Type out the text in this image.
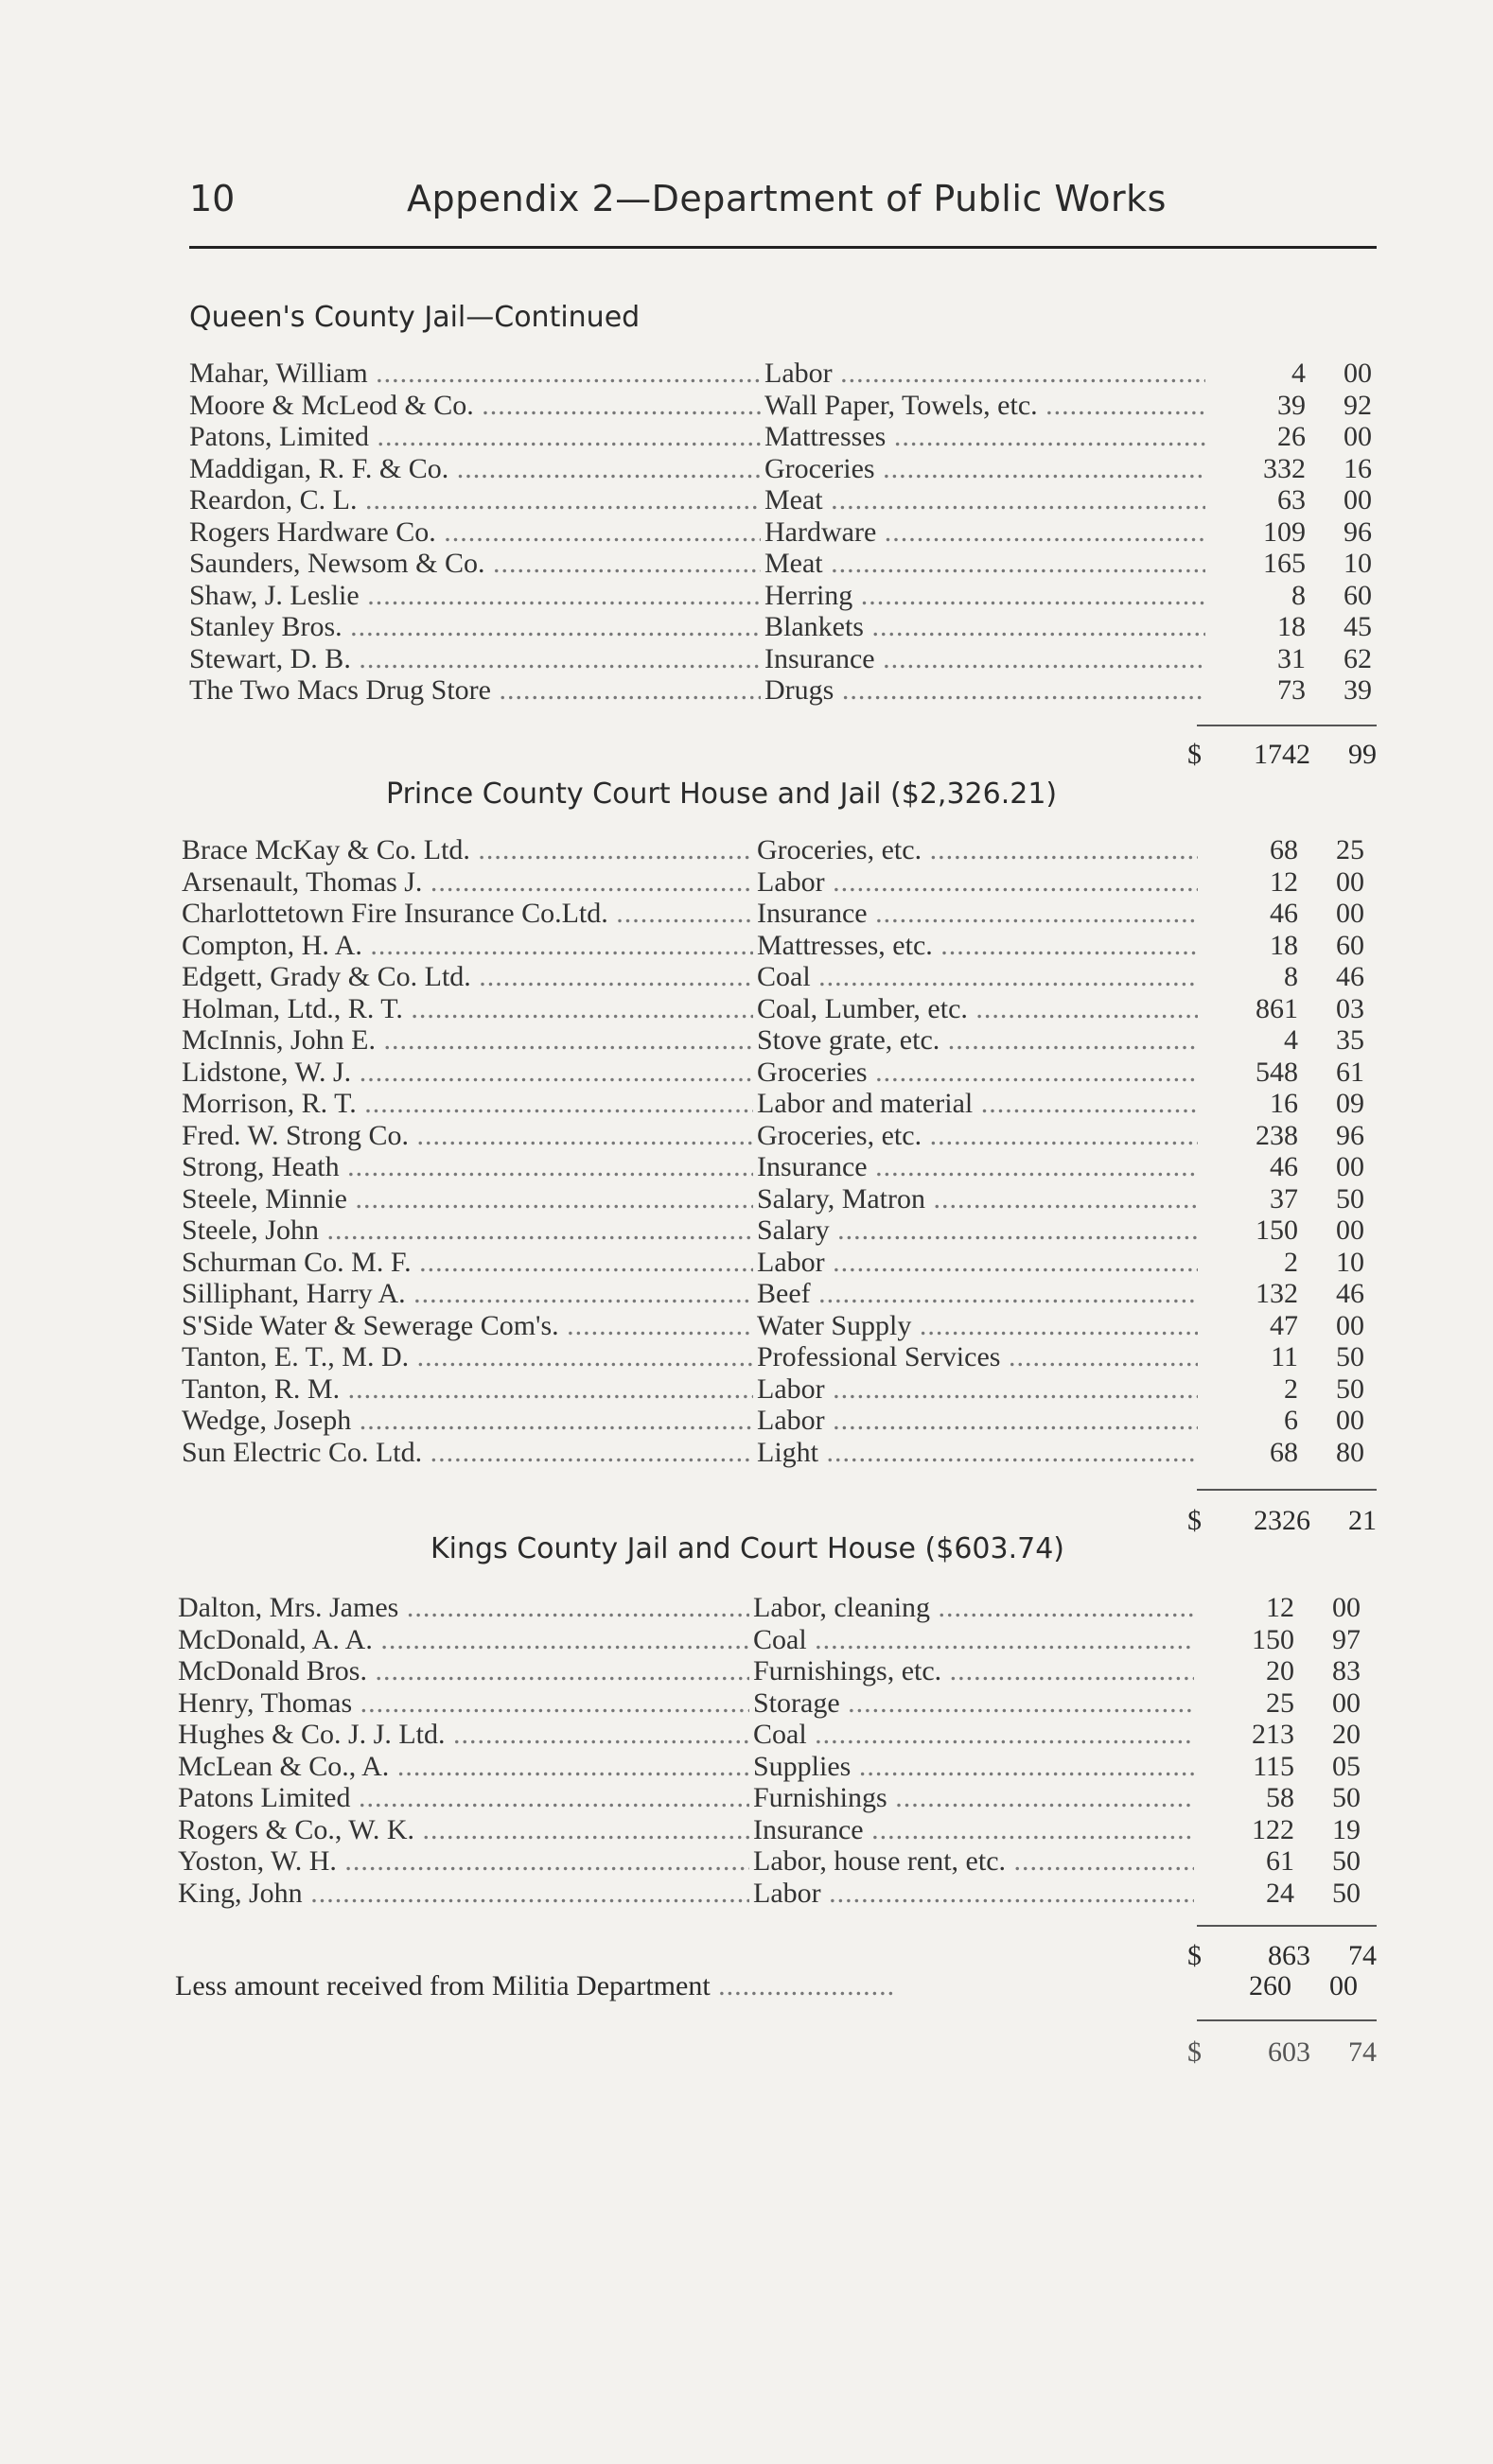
10	Appendix 2—Department of Public Works
Queen's County Jail—Continued
Mahar, William .....	Labor .....	4	00
Moore & McLeod & Co. .....	Wall Paper, Towels, etc. .....	39	92
Patons, Limited .....	Mattresses .....	26	00
Maddigan, R. F. & Co. .....	Groceries .....	332	16
Reardon, C. L. .....	Meat .....	63	00
Rogers Hardware Co. .....	Hardware .....	109	96
Saunders, Newsom & Co. .....	Meat .....	165	10
Shaw, J. Leslie .....	Herring .....	8	60
Stanley Bros. .....	Blankets .....	18	45
Stewart, D. B. .....	Insurance .....	31	62
The Two Macs Drug Store .....	Drugs .....	73	39
$	1742	99
Prince County Court House and Jail ($2,326.21)
Brace McKay & Co. Ltd. .....	Groceries, etc. .....	68	25
Arsenault, Thomas J. .....	Labor .....	12	00
Charlottetown Fire Insurance Co.Ltd. .....	Insurance .....	46	00
Compton, H. A. .....	Mattresses, etc. .....	18	60
Edgett, Grady & Co. Ltd. .....	Coal .....	8	46
Holman, Ltd., R. T. .....	Coal, Lumber, etc. .....	861	03
McInnis, John E. .....	Stove grate, etc. .....	4	35
Lidstone, W. J. .....	Groceries .....	548	61
Morrison, R. T. .....	Labor and material .....	16	09
Fred. W. Strong Co. .....	Groceries, etc. .....	238	96
Strong, Heath .....	Insurance .....	46	00
Steele, Minnie .....	Salary, Matron .....	37	50
Steele, John .....	Salary .....	150	00
Schurman Co. M. F. .....	Labor .....	2	10
Silliphant, Harry A. .....	Beef .....	132	46
S'Side Water & Sewerage Com's. .....	Water Supply .....	47	00
Tanton, E. T., M. D. .....	Professional Services .....	11	50
Tanton, R. M. .....	Labor .....	2	50
Wedge, Joseph .....	Labor .....	6	00
Sun Electric Co. Ltd. .....	Light .....	68	80
$	2326	21
Kings County Jail and Court House ($603.74)
Dalton, Mrs. James .....	Labor, cleaning .....	12	00
McDonald, A. A. .....	Coal .....	150	97
McDonald Bros. .....	Furnishings, etc. .....	20	83
Henry, Thomas .....	Storage .....	25	00
Hughes & Co. J. J. Ltd. .....	Coal .....	213	20
McLean & Co., A. .....	Supplies .....	115	05
Patons Limited .....	Furnishings .....	58	50
Rogers & Co., W. K. .....	Insurance .....	122	19
Yoston, W. H. .....	Labor, house rent, etc. .....	61	50
King, John .....	Labor .....	24	50
$	863	74
Less amount received from Militia Department .....	260	00
$	603	74
